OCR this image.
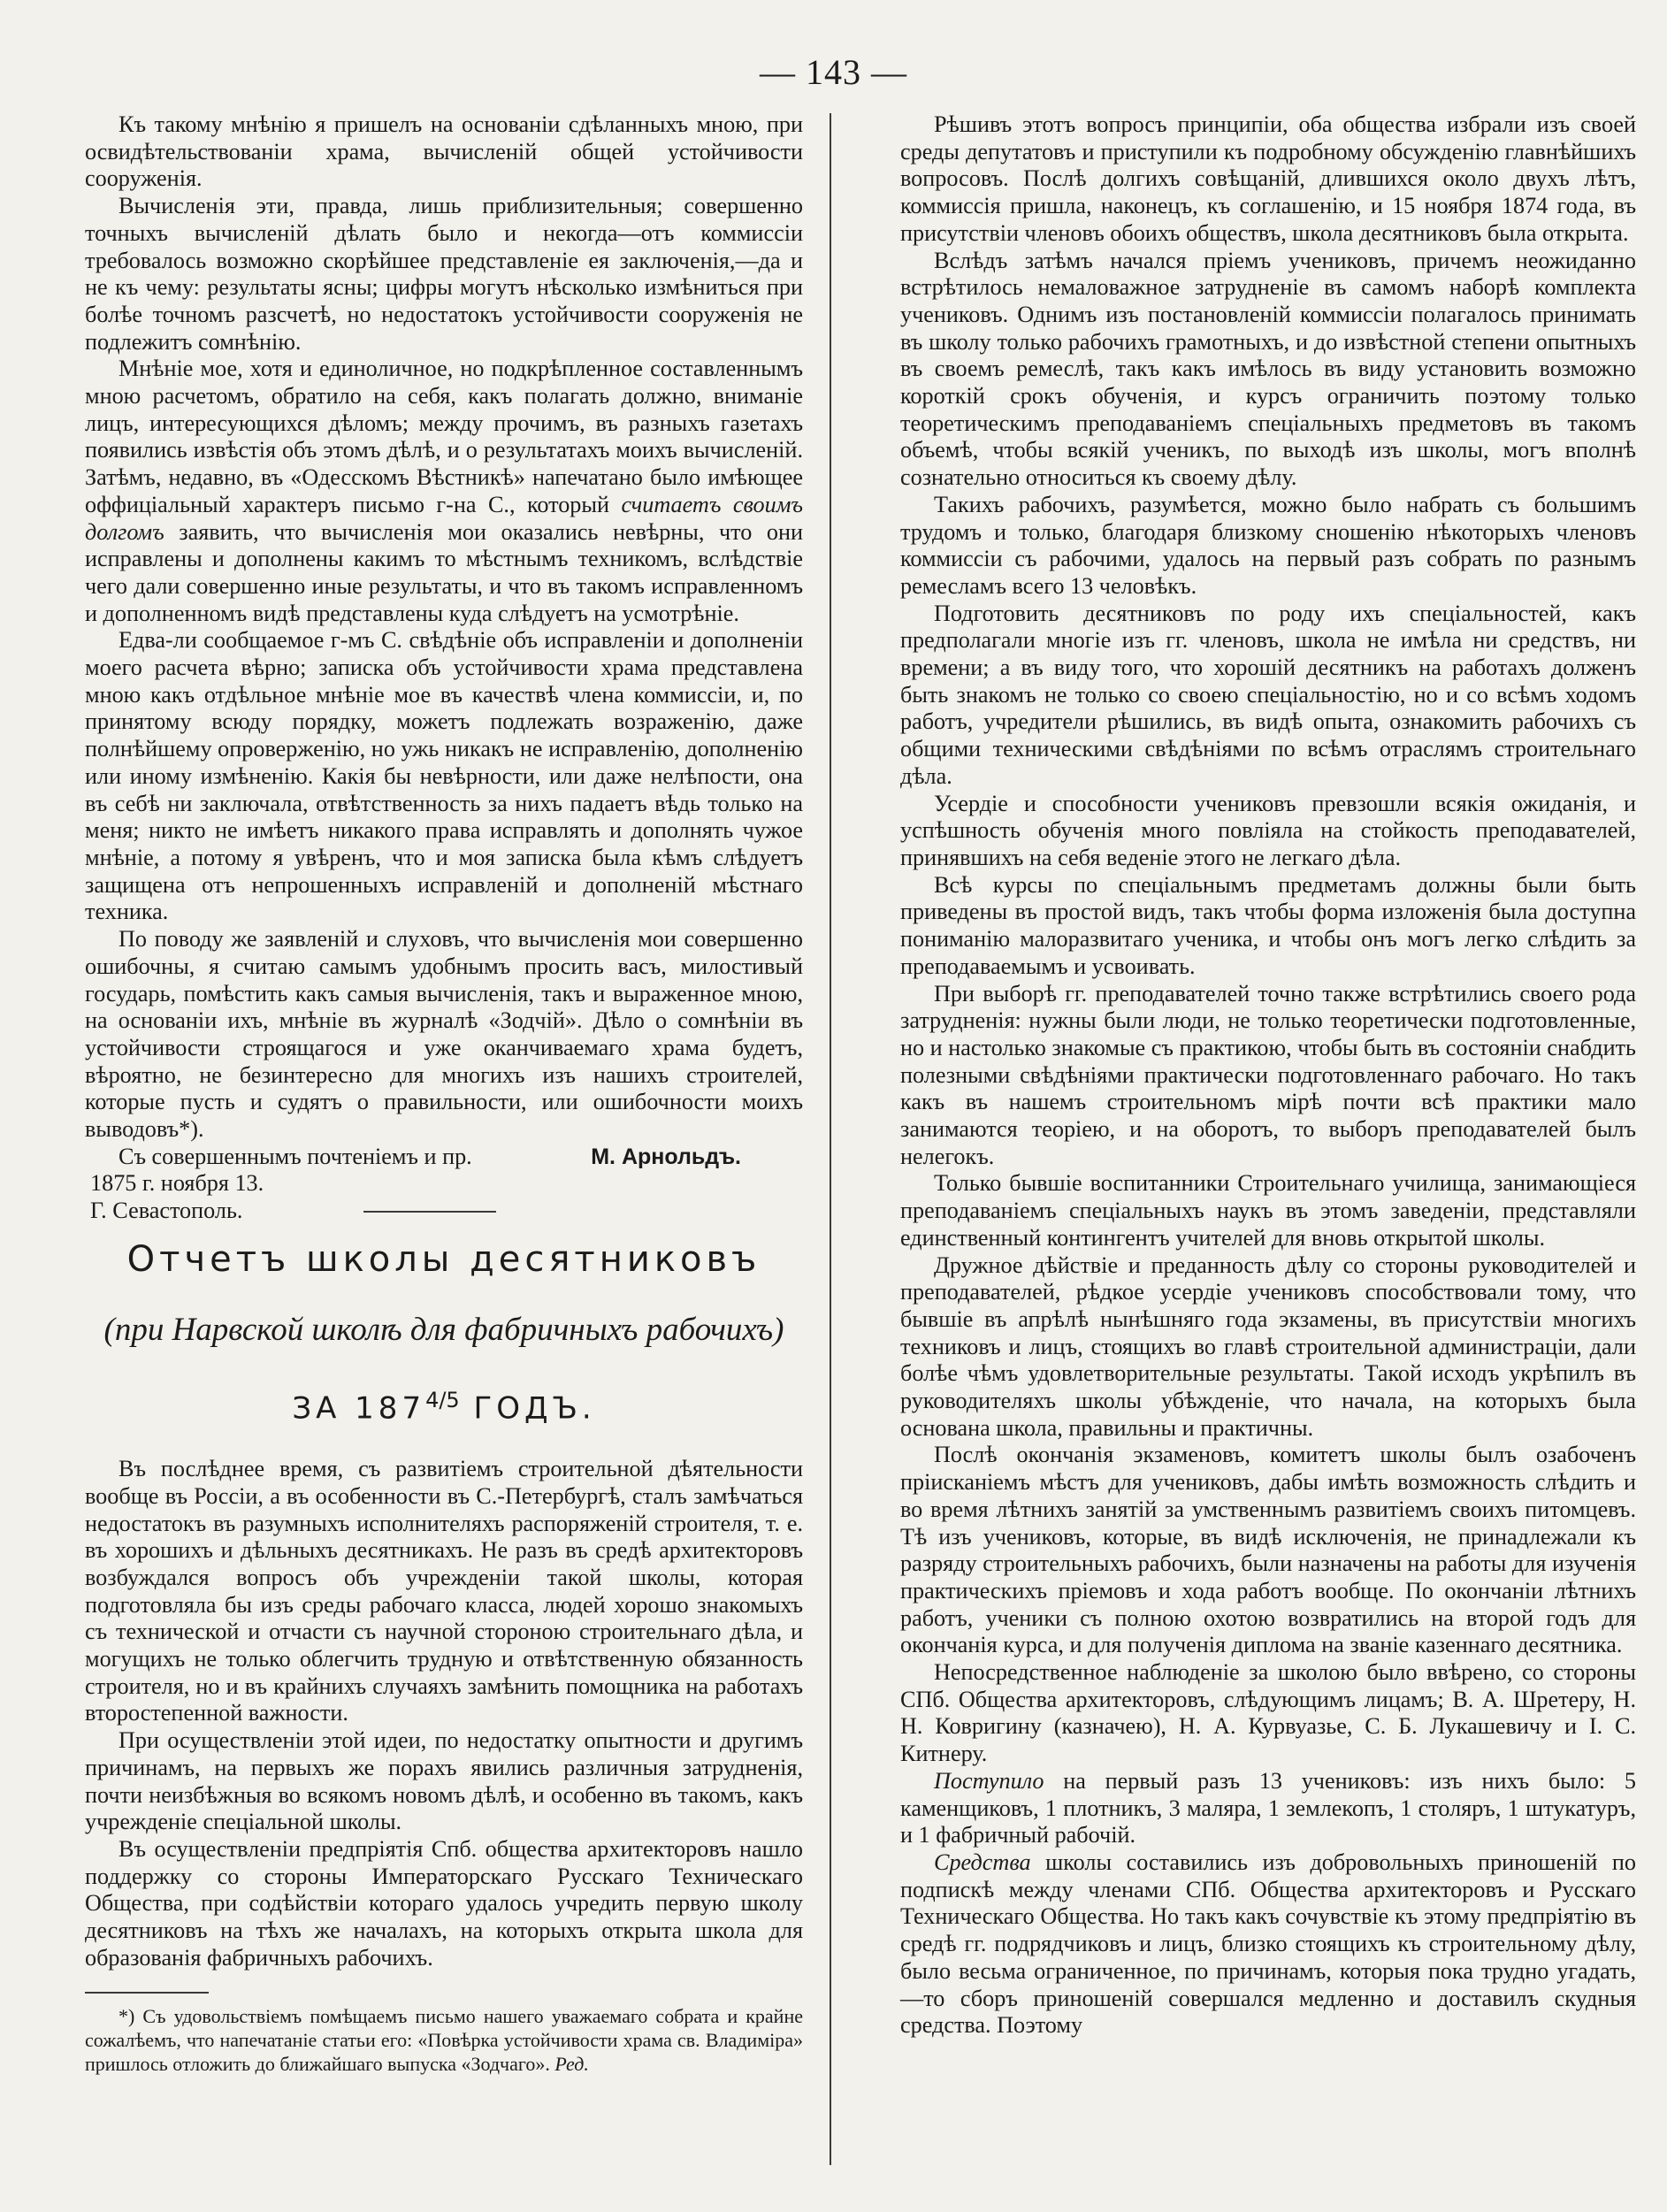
— 143 —

Къ такому мнѣнію я пришелъ на основаніи сдѣланныхъ мною, при освидѣтельствованіи храма, вычисленій общей устойчивости сооруженія.

Вычисленія эти, правда, лишь приблизительныя; совершенно точныхъ вычисленій дѣлать было и некогда—отъ коммиссіи требовалось возможно скорѣйшее представленіе ея заключенія,—да и не къ чему: результаты ясны; цифры могутъ нѣсколько измѣниться при болѣе точномъ разсчетѣ, но недостатокъ устойчивости сооруженія не подлежитъ сомнѣнію.

Мнѣніе мое, хотя и единоличное, но подкрѣпленное составленнымъ мною расчетомъ, обратило на себя, какъ полагать должно, вниманіе лицъ, интересующихся дѣломъ; между прочимъ, въ разныхъ газетахъ появились извѣстія объ этомъ дѣлѣ, и о результатахъ моихъ вычисленій. Затѣмъ, недавно, въ «Одесскомъ Вѣстникѣ» напечатано было имѣющее оффиціальный характеръ письмо г-на С., который считаетъ своимъ долгомъ заявить, что вычисленія мои оказались невѣрны, что они исправлены и дополнены какимъ то мѣстнымъ техникомъ, вслѣдствіе чего дали совершенно иные результаты, и что въ такомъ исправленномъ и дополненномъ видѣ представлены куда слѣдуетъ на усмотрѣніе.

Едва-ли сообщаемое г-мъ С. свѣдѣніе объ исправленіи и дополненіи моего расчета вѣрно; записка объ устойчивости храма представлена мною какъ отдѣльное мнѣніе мое въ качествѣ члена коммиссіи, и, по принятому всюду порядку, можетъ подлежать возраженію, даже полнѣйшему опроверженію, но ужь никакъ не исправленію, дополненію или иному измѣненію. Какія бы невѣрности, или даже нелѣпости, она въ себѣ ни заключала, отвѣтственность за нихъ падаетъ вѣдь только на меня; никто не имѣетъ никакого права исправлять и дополнять чужое мнѣніе, а потому я увѣренъ, что и моя записка была кѣмъ слѣдуетъ защищена отъ непрошенныхъ исправленій и дополненій мѣстнаго техника.

По поводу же заявленій и слуховъ, что вычисленія мои совершенно ошибочны, я считаю самымъ удобнымъ просить васъ, милостивый государь, помѣстить какъ самыя вычисленія, такъ и выраженное мною, на основаніи ихъ, мнѣніе въ журналѣ «Зодчій». Дѣло о сомнѣніи въ устойчивости строящагося и уже оканчиваемаго храма будетъ, вѣроятно, не безинтересно для многихъ изъ нашихъ строителей, которые пусть и судятъ о правильности, или ошибочности моихъ выводовъ*).

Съ совершеннымъ почтеніемъ и пр.	М. Арнольдъ.
1875 г. ноября 13.
Г. Севастополь.
Отчетъ школы десятниковъ
(при Нарвской школѣ для фабричныхъ рабочихъ)
ЗА $187^{4/5}$ ГОДЪ.

Въ послѣднее время, съ развитіемъ строительной дѣятельности вообще въ Россіи, а въ особенности въ С.-Петербургѣ, сталъ замѣчаться недостатокъ въ разумныхъ исполнителяхъ распоряженій строителя, т. е. въ хорошихъ и дѣльныхъ десятникахъ. Не разъ въ средѣ архитекторовъ возбуждался вопросъ объ учрежденіи такой школы, которая подготовляла бы изъ среды рабочаго класса, людей хорошо знакомыхъ съ технической и отчасти съ научной стороною строительнаго дѣла, и могущихъ не только облегчить трудную и отвѣтственную обязанность строителя, но и въ крайнихъ случаяхъ замѣнить помощника на работахъ второстепенной важности.

При осуществленіи этой идеи, по недостатку опытности и другимъ причинамъ, на первыхъ же порахъ явились различныя затрудненія, почти неизбѣжныя во всякомъ новомъ дѣлѣ, и особенно въ такомъ, какъ учрежденіе спеціальной школы.

Въ осуществленіи предпріятія Спб. общества архитекторовъ нашло поддержку со стороны Императорскаго Русскаго Техническаго Общества, при содѣйствіи котораго удалось учредить первую школу десятниковъ на тѣхъ же началахъ, на которыхъ открыта школа для образованія фабричныхъ рабочихъ.

*) Съ удовольствіемъ помѣщаемъ письмо нашего уважаемаго собрата и крайне сожалѣемъ, что напечатаніе статьи его: «Повѣрка устойчивости храма св. Владиміра» пришлось отложить до ближайшаго выпуска «Зодчаго». Ред.

Рѣшивъ этотъ вопросъ принципіи, оба общества избрали изъ своей среды депутатовъ и приступили къ подробному обсужденію главнѣйшихъ вопросовъ. Послѣ долгихъ совѣщаній, длившихся около двухъ лѣтъ, коммиссія пришла, наконецъ, къ соглашенію, и 15 ноября 1874 года, въ присутствіи членовъ обоихъ обществъ, школа десятниковъ была открыта.

Вслѣдъ затѣмъ начался пріемъ учениковъ, причемъ неожиданно встрѣтилось немаловажное затрудненіе въ самомъ наборѣ комплекта учениковъ. Однимъ изъ постановленій коммиссіи полагалось принимать въ школу только рабочихъ грамотныхъ, и до извѣстной степени опытныхъ въ своемъ ремеслѣ, такъ какъ имѣлось въ виду установить возможно короткій срокъ обученія, и курсъ ограничить поэтому только теоретическимъ преподаваніемъ спеціальныхъ предметовъ въ такомъ объемѣ, чтобы всякій ученикъ, по выходѣ изъ школы, могъ вполнѣ сознательно относиться къ своему дѣлу.

Такихъ рабочихъ, разумѣется, можно было набрать съ большимъ трудомъ и только, благодаря близкому сношенію нѣкоторыхъ членовъ коммиссіи съ рабочими, удалось на первый разъ собрать по разнымъ ремесламъ всего 13 человѣкъ.

Подготовить десятниковъ по роду ихъ спеціальностей, какъ предполагали многіе изъ гг. членовъ, школа не имѣла ни средствъ, ни времени; а въ виду того, что хорошій десятникъ на работахъ долженъ быть знакомъ не только со своею спеціальностію, но и со всѣмъ ходомъ работъ, учредители рѣшились, въ видѣ опыта, ознакомить рабочихъ съ общими техническими свѣдѣніями по всѣмъ отраслямъ строительнаго дѣла.

Усердіе и способности учениковъ превзошли всякія ожиданія, и успѣшность обученія много повліяла на стойкость преподавателей, принявшихъ на себя веденіе этого не легкаго дѣла.

Всѣ курсы по спеціальнымъ предметамъ должны были быть приведены въ простой видъ, такъ чтобы форма изложенія была доступна пониманію малоразвитаго ученика, и чтобы онъ могъ легко слѣдить за преподаваемымъ и усвоивать.

При выборѣ гг. преподавателей точно также встрѣтились своего рода затрудненія: нужны были люди, не только теоретически подготовленные, но и настолько знакомые съ практикою, чтобы быть въ состояніи снабдить полезными свѣдѣніями практически подготовленнаго рабочаго. Но такъ какъ въ нашемъ строительномъ мірѣ почти всѣ практики мало занимаются теоріею, и на оборотъ, то выборъ преподавателей былъ нелегокъ.

Только бывшіе воспитанники Строительнаго училища, занимающіеся преподаваніемъ спеціальныхъ наукъ въ этомъ заведеніи, представляли единственный контингентъ учителей для вновь открытой школы.

Дружное дѣйствіе и преданность дѣлу со стороны руководителей и преподавателей, рѣдкое усердіе учениковъ способствовали тому, что бывшіе въ апрѣлѣ нынѣшняго года экзамены, въ присутствіи многихъ техниковъ и лицъ, стоящихъ во главѣ строительной администраціи, дали болѣе чѣмъ удовлетворительные результаты. Такой исходъ укрѣпилъ въ руководителяхъ школы убѣжденіе, что начала, на которыхъ была основана школа, правильны и практичны.

Послѣ окончанія экзаменовъ, комитетъ школы былъ озабоченъ пріисканіемъ мѣстъ для учениковъ, дабы имѣть возможность слѣдить и во время лѣтнихъ занятій за умственнымъ развитіемъ своихъ питомцевъ. Тѣ изъ учениковъ, которые, въ видѣ исключенія, не принадлежали къ разряду строительныхъ рабочихъ, были назначены на работы для изученія практическихъ пріемовъ и хода работъ вообще. По окончаніи лѣтнихъ работъ, ученики съ полною охотою возвратились на второй годъ для окончанія курса, и для полученія диплома на званіе казеннаго десятника.

Непосредственное наблюденіе за школою было ввѣрено, со стороны СПб. Общества архитекторовъ, слѣдующимъ лицамъ; В. А. Шретеру, Н. Н. Ковригину (казначею), Н. А. Курвуазье, С. Б. Лукашевичу и І. С. Китнеру.

Поступило на первый разъ 13 учениковъ: изъ нихъ было: 5 каменщиковъ, 1 плотникъ, 3 маляра, 1 землекопъ, 1 столяръ, 1 штукатуръ, и 1 фабричный рабочій.

Средства школы составились изъ добровольныхъ приношеній по подпискѣ между членами СПб. Общества архитекторовъ и Русскаго Техническаго Общества. Но такъ какъ сочувствіе къ этому предпріятію въ средѣ гг. подрядчиковъ и лицъ, близко стоящихъ къ строительному дѣлу, было весьма ограниченное, по причинамъ, которыя пока трудно угадать,—то сборъ приношеній совершался медленно и доставилъ скудныя средства. Поэтому
